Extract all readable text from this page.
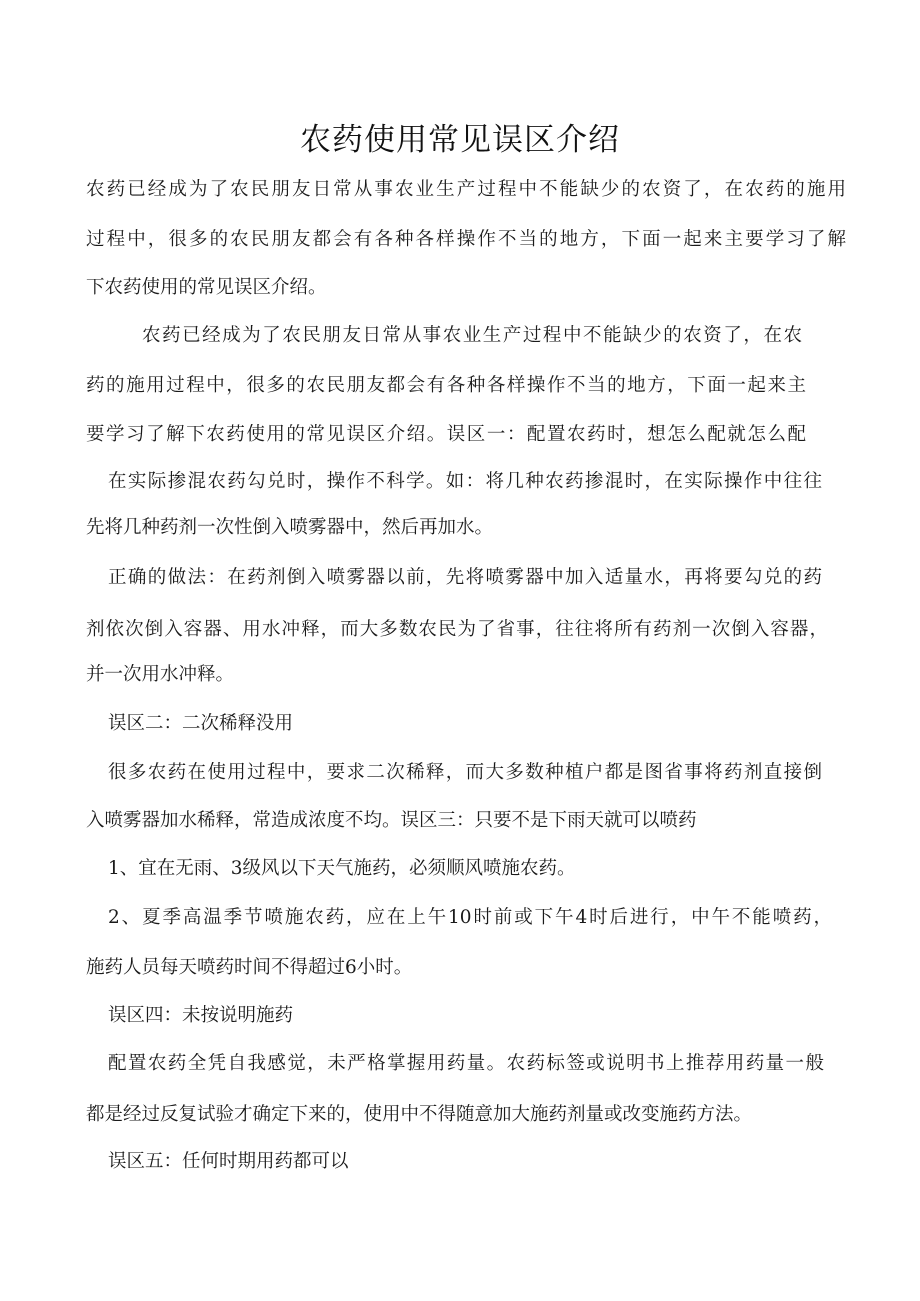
农药使用常见误区介绍
农药已经成为了农民朋友日常从事农业生产过程中不能缺少的农资了，在农药的施用
过程中，很多的农民朋友都会有各种各样操作不当的地方，下面一起来主要学习了解
下农药使用的常见误区介绍。
农药已经成为了农民朋友日常从事农业生产过程中不能缺少的农资了，在农
药的施用过程中，很多的农民朋友都会有各种各样操作不当的地方，下面一起来主
要学习了解下农药使用的常见误区介绍。误区一：配置农药时，想怎么配就怎么配
在实际掺混农药勾兑时，操作不科学。如：将几种农药掺混时，在实际操作中往往
先将几种药剂一次性倒入喷雾器中，然后再加水。
正确的做法：在药剂倒入喷雾器以前，先将喷雾器中加入适量水，再将要勾兑的药
剂依次倒入容器、用水冲释，而大多数农民为了省事，往往将所有药剂一次倒入容器，
并一次用水冲释。
误区二：二次稀释没用
很多农药在使用过程中，要求二次稀释，而大多数种植户都是图省事将药剂直接倒
入喷雾器加水稀释，常造成浓度不均。误区三：只要不是下雨天就可以喷药
1、宜在无雨、3级风以下天气施药，必须顺风喷施农药。
2、夏季高温季节喷施农药，应在上午10时前或下午4时后进行，中午不能喷药，
施药人员每天喷药时间不得超过6小时。
误区四：未按说明施药
配置农药全凭自我感觉，未严格掌握用药量。农药标签或说明书上推荐用药量一般
都是经过反复试验才确定下来的，使用中不得随意加大施药剂量或改变施药方法。
误区五：任何时期用药都可以
